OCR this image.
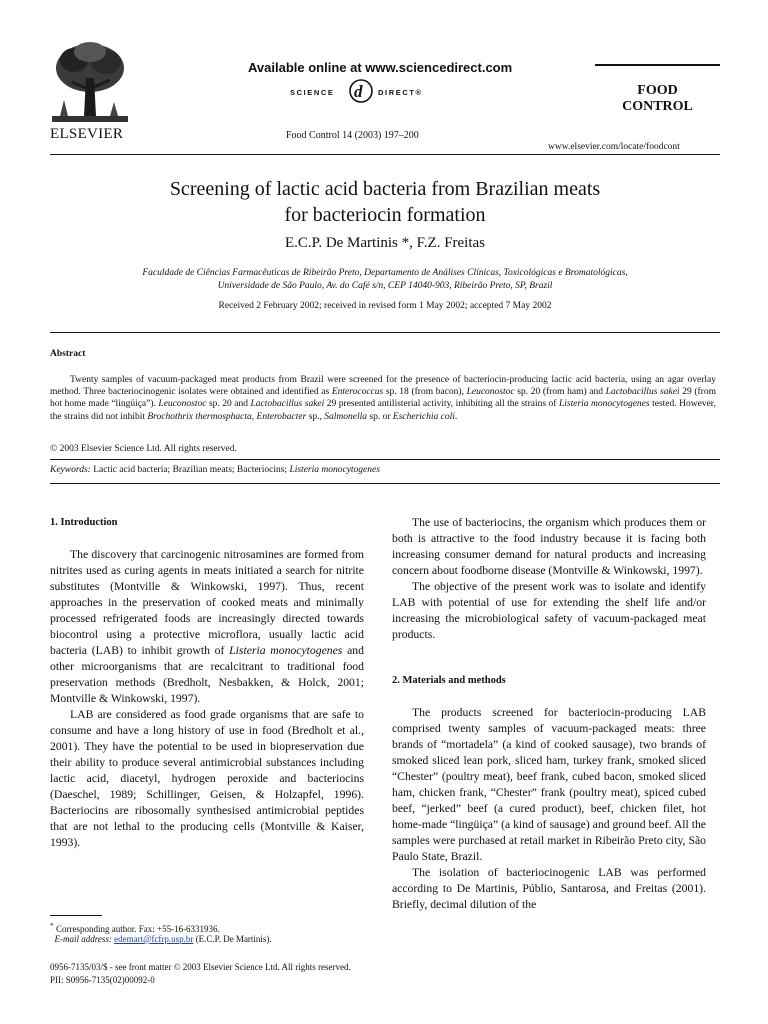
ELSEVIER
Available online at www.sciencedirect.com
SCIENCE d DIRECT®
Food Control 14 (2003) 197–200
FOOD
CONTROL
www.elsevier.com/locate/foodcont
Screening of lactic acid bacteria from Brazilian meats
for bacteriocin formation
E.C.P. De Martinis *, F.Z. Freitas
Faculdade de Ciências Farmacêuticas de Ribeirão Preto, Departamento de Análises Clínicas, Toxicológicas e Bromatológicas,
Universidade de São Paulo, Av. do Café s/n, CEP 14040-903, Ribeirão Preto, SP, Brazil
Received 2 February 2002; received in revised form 1 May 2002; accepted 7 May 2002
Abstract
Twenty samples of vacuum-packaged meat products from Brazil were screened for the presence of bacteriocin-producing lactic acid bacteria, using an agar overlay method. Three bacteriocinogenic isolates were obtained and identified as Enterococcus sp. 18 (from bacon), Leuconostoc sp. 20 (from ham) and Lactobacillus sakei 29 (from hot home made “lingüiça”). Leuconostoc sp. 20 and Lactobacillus sakei 29 presented antilisterial activity, inhibiting all the strains of Listeria monocytogenes tested. However, the strains did not inhibit Brochothrix thermosphacta, Enterobacter sp., Salmonella sp. or Escherichia coli.
© 2003 Elsevier Science Ltd. All rights reserved.
Keywords: Lactic acid bacteria; Brazilian meats; Bacteriocins; Listeria monocytogenes
1. Introduction

The discovery that carcinogenic nitrosamines are formed from nitrites used as curing agents in meats initiated a search for nitrite substitutes (Montville & Winkowski, 1997). Thus, recent approaches in the preservation of cooked meats and minimally processed refrigerated foods are increasingly directed towards biocontrol using a protective microflora, usually lactic acid bacteria (LAB) to inhibit growth of Listeria monocytogenes and other microorganisms that are recalcitrant to traditional food preservation methods (Bredholt, Nesbakken, & Holck, 2001; Montville & Winkowski, 1997).

LAB are considered as food grade organisms that are safe to consume and have a long history of use in food (Bredholt et al., 2001). They have the potential to be used in biopreservation due their ability to produce several antimicrobial substances including lactic acid, diacetyl, hydrogen peroxide and bacteriocins (Daeschel, 1989; Schillinger, Geisen, & Holzapfel, 1996). Bacteriocins are ribosomally synthesised antimicrobial peptides that are not lethal to the producing cells (Montville & Kaiser, 1993).

* Corresponding author. Fax: +55-16-6331936.
E-mail address: edemart@fcfrp.usp.br (E.C.P. De Martinis).

The use of bacteriocins, the organism which produces them or both is attractive to the food industry because it is facing both increasing consumer demand for natural products and increasing concern about foodborne disease (Montville & Winkowski, 1997).

The objective of the present work was to isolate and identify LAB with potential of use for extending the shelf life and/or increasing the microbiological safety of vacuum-packaged meat products.

2. Materials and methods

The products screened for bacteriocin-producing LAB comprised twenty samples of vacuum-packaged meats: three brands of “mortadela” (a kind of cooked sausage), two brands of smoked sliced lean pork, sliced ham, turkey frank, smoked sliced “Chester” (poultry meat), beef frank, cubed bacon, smoked sliced ham, chicken frank, “Chester” frank (poultry meat), spiced cubed beef, “jerked” beef (a cured product), beef, chicken filet, hot home-made “lingüiça” (a kind of sausage) and ground beef. All the samples were purchased at retail market in Ribeirão Preto city, São Paulo State, Brazil.

The isolation of bacteriocinogenic LAB was performed according to De Martinis, Públio, Santarosa, and Freitas (2001). Briefly, decimal dilution of the

0956-7135/03/$ - see front matter © 2003 Elsevier Science Ltd. All rights reserved.
PII: S0956-7135(02)00092-0
